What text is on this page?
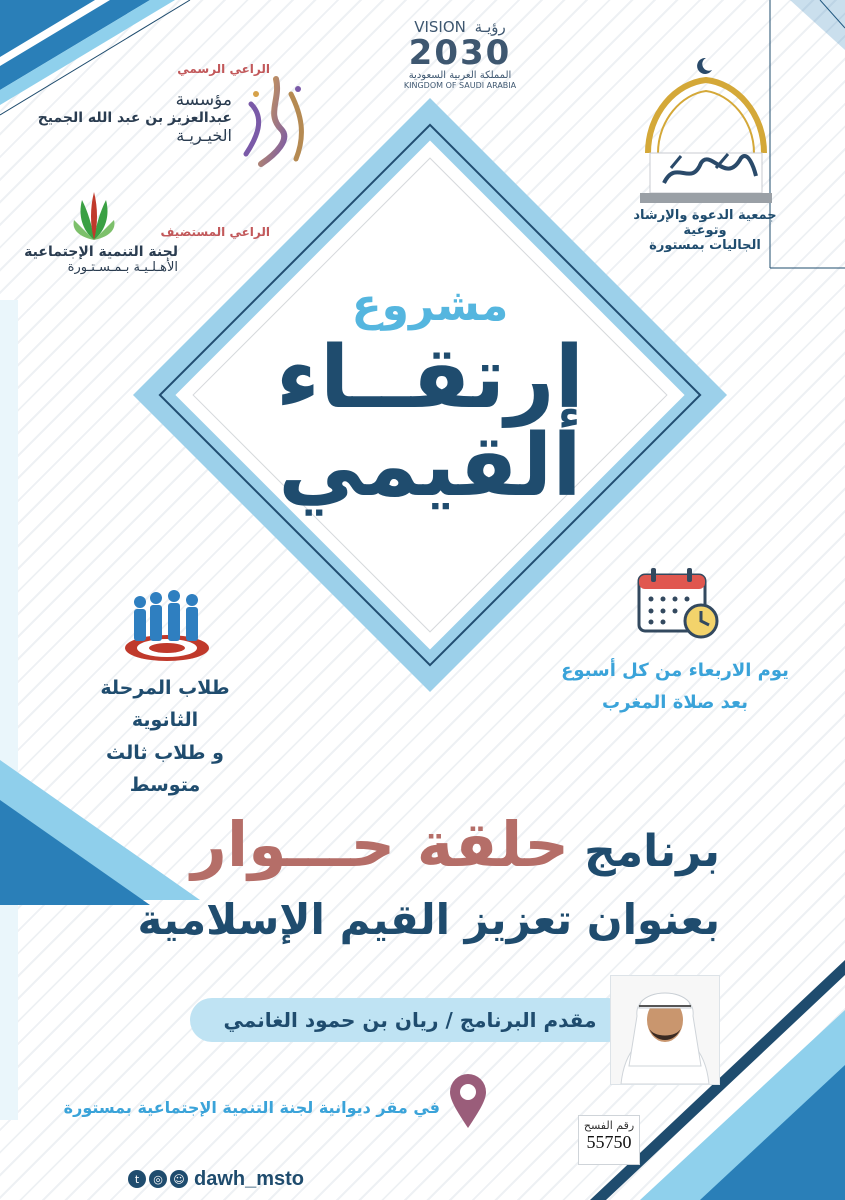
VISION رؤيـة
2030
المملكة العربية السعودية
KINGDOM OF SAUDI ARABIA
الراعي الرسمي
مؤسسة
عبدالعزيز بن عبد الله الجميح
الخيـريـة
الراعي المستضيف
لجنة التنمية الإجتماعية
الأهـلـيـة بـمـسـتـورة
جمعية الدعوة والإرشاد وتوعية
الجاليات بمستورة
مشروع
إرتقــاء
القيمي
طلاب المرحلة الثانوية
و طلاب ثالث متوسط
يوم الاربعاء من كل أسبوع
بعد صلاة المغرب
برنامج حلقة حـــوار
بعنوان تعزيز القيم الإسلامية
مقدم البرنامج / ريان بن حمود الغانمي
في مقر ديوانية لجنة التنمية الإجتماعية بمستورة
رقم الفسح
55750
t	◎ ☺ dawh_msto
